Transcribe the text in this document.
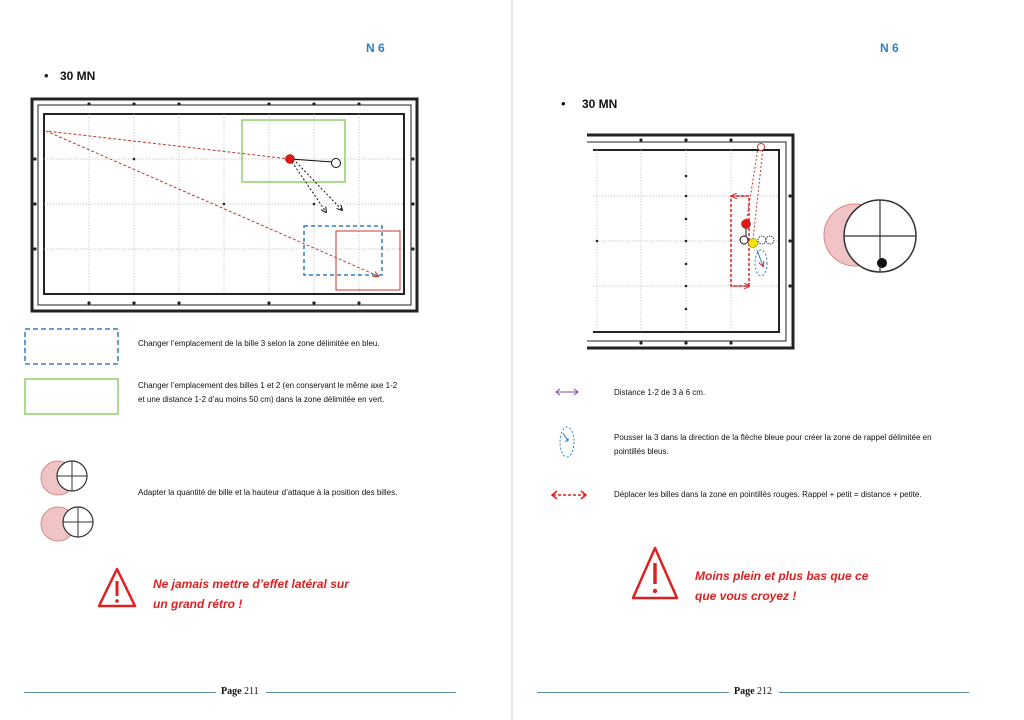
N 6
• 30 MN
Changer l’emplacement de la bille 3 selon la zone délimitée en bleu.
Changer l’emplacement des billes 1 et 2 (en conservant le même axe 1-2
et une distance 1-2 d’au moins 50 cm) dans la zone délimitée en vert.
Adapter la quantité de bille et la hauteur d’attaque à la position des billes.
Ne jamais mettre d’effet latéral sur
un grand rétro !
Page 211
N 6
• 30 MN
Distance 1-2 de 3 à 6 cm.
Pousser la 3 dans la direction de la flèche bleue pour créer la zone de rappel délimitée en
pointillés bleus.
Déplacer les billes dans la zone en pointillés rouges. Rappel + petit = distance + petite.
Moins plein et plus bas que ce
que vous croyez !
Page 212
